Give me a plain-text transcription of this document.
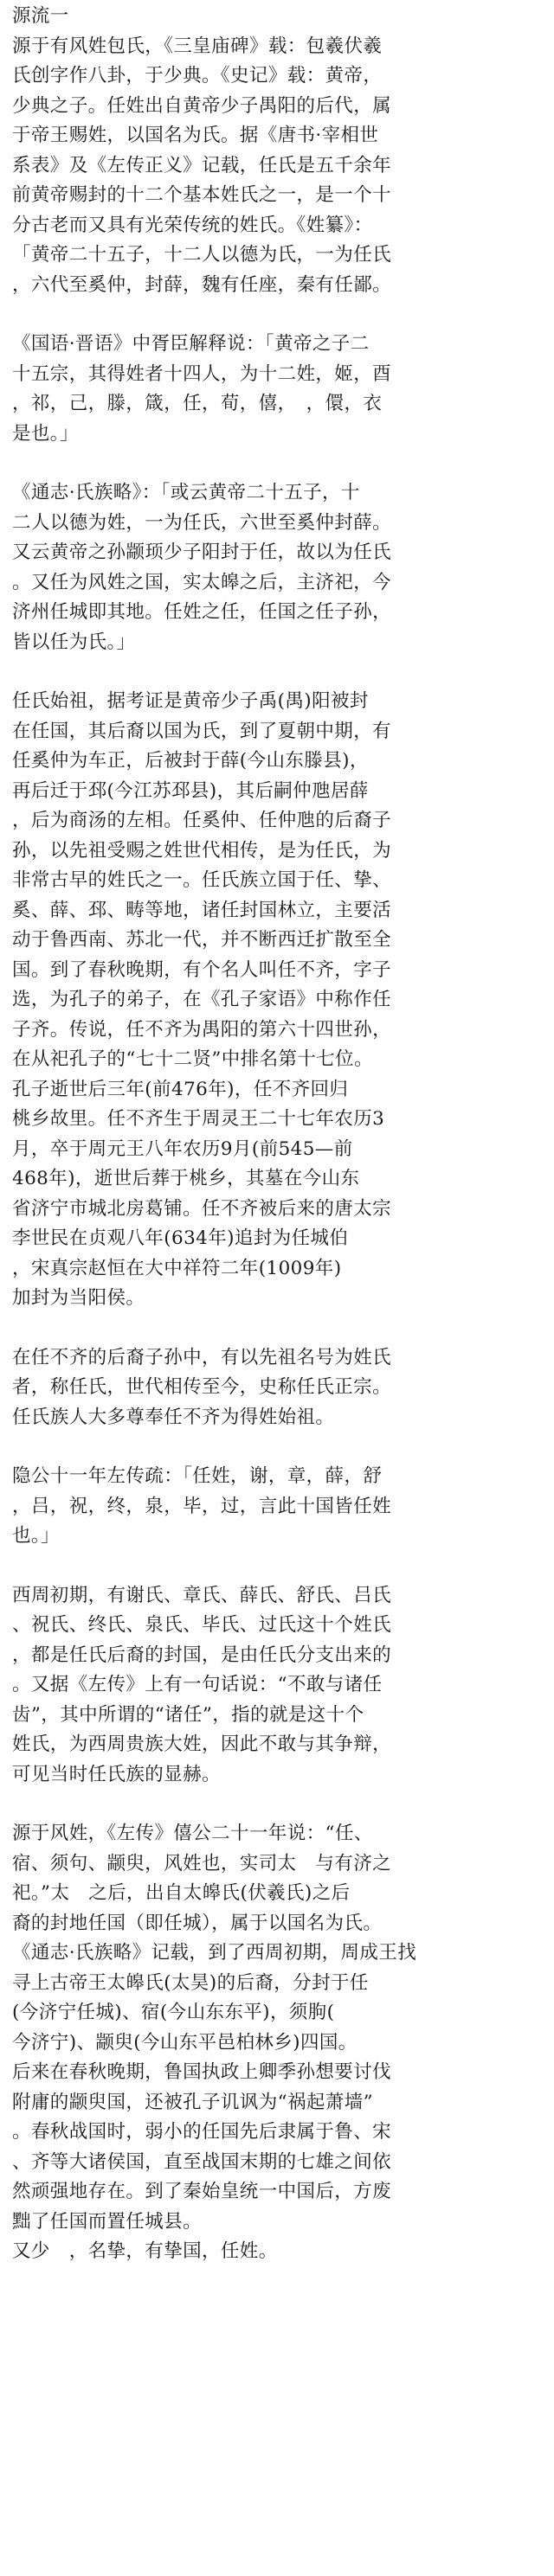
源流一
源于有风姓包氏，《三皇庙碑》载：包羲伏羲
氏创字作八卦，于少典。《史记》载：黄帝，
少典之子。任姓出自黄帝少子禺阳的后代，属
于帝王赐姓，以国名为氏。据《唐书·宰相世
系表》及《左传正义》记载，任氏是五千余年
前黄帝赐封的十二个基本姓氏之一，是一个十
分古老而又具有光荣传统的姓氏。《姓纂》：
「黄帝二十五子，十二人以德为氏，一为任氏
，六代至奚仲，封薛，魏有任座，秦有任鄙。
《国语·晋语》中胥臣解释说：「黄帝之子二
十五宗，其得姓者十四人，为十二姓，姬，酉
，祁，己，滕，箴，任，荀，僖，　，儇，衣
是也。」
《通志·氏族略》：「或云黄帝二十五子，十
二人以德为姓，一为任氏，六世至奚仲封薛。
又云黄帝之孙颛顼少子阳封于任，故以为任氏
。又任为风姓之国，实太皞之后，主济祀，今
济州任城即其地。任姓之任，任国之任子孙，
皆以任为氏。」
任氏始祖，据考证是黄帝少子禹(禺)阳被封
在任国，其后裔以国为氏，到了夏朝中期，有
任奚仲为车正，后被封于薛(今山东滕县)，
再后迁于邳(今江苏邳县)，其后嗣仲虺居薛
，后为商汤的左相。任奚仲、任仲虺的后裔子
孙，以先祖受赐之姓世代相传，是为任氏，为
非常古早的姓氏之一。任氏族立国于任、挚、
奚、薛、邳、畴等地，诸任封国林立，主要活
动于鲁西南、苏北一代，并不断西迁扩散至全
国。到了春秋晚期，有个名人叫任不齐，字子
选，为孔子的弟子，在《孔子家语》中称作任
子齐。传说，任不齐为禺阳的第六十四世孙，
在从祀孔子的“七十二贤”中排名第十七位。
孔子逝世后三年(前476年)，任不齐回归
桃乡故里。任不齐生于周灵王二十七年农历3
月，卒于周元王八年农历9月(前545—前
468年)，逝世后葬于桃乡，其墓在今山东
省济宁市城北房葛铺。任不齐被后来的唐太宗
李世民在贞观八年(634年)追封为任城伯
，宋真宗赵恒在大中祥符二年(1009年)
加封为当阳侯。
在任不齐的后裔子孙中，有以先祖名号为姓氏
者，称任氏，世代相传至今，史称任氏正宗。
任氏族人大多尊奉任不齐为得姓始祖。
隐公十一年左传疏：「任姓，谢，章，薛，舒
，吕，祝，终，泉，毕，过，言此十国皆任姓
也。」
西周初期，有谢氏、章氏、薛氏、舒氏、吕氏
、祝氏、终氏、泉氏、毕氏、过氏这十个姓氏
，都是任氏后裔的封国，是由任氏分支出来的
。又据《左传》上有一句话说：“不敢与诸任
齿”，其中所谓的“诸任”，指的就是这十个
姓氏，为西周贵族大姓，因此不敢与其争辩，
可见当时任氏族的显赫。
源于风姓，《左传》僖公二十一年说：“任、
宿、须句、颛臾，风姓也，实司太　与有济之
祀。”太　之后，出自太皞氏(伏羲氏)之后
裔的封地任国（即任城），属于以国名为氏。
《通志·氏族略》记载，到了西周初期，周成王找
寻上古帝王太皞氏(太昊)的后裔，分封于任
(今济宁任城)、宿(今山东东平)，须朐(
今济宁)、颛臾(今山东平邑柏林乡)四国。
后来在春秋晚期，鲁国执政上卿季孙想要讨伐
附庸的颛臾国，还被孔子讥讽为“祸起萧墙”
。春秋战国时，弱小的任国先后隶属于鲁、宋
、齐等大诸侯国，直至战国末期的七雄之间依
然顽强地存在。到了秦始皇统一中国后，方废
黜了任国而置任城县。
又少　，名挚，有挚国，任姓。
